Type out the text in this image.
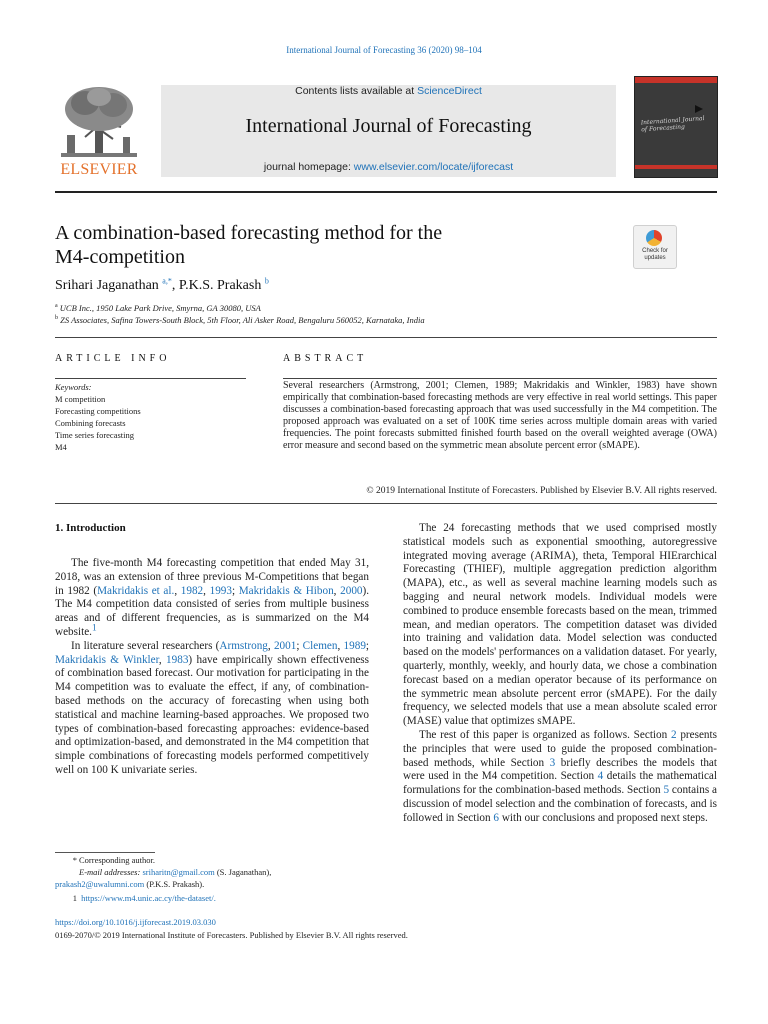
International Journal of Forecasting 36 (2020) 98–104
ELSEVIER
Contents lists available at ScienceDirect
International Journal of Forecasting
journal homepage: www.elsevier.com/locate/ijforecast
International Journal of Forecasting
A combination-based forecasting method for the
M4-competition	Check for
updates
Srihari Jaganathan $^{a,*}$, P.K.S. Prakash $^b$
$^a$ UCB Inc., 1950 Lake Park Drive, Smyrna, GA 30080, USA
$^b$ ZS Associates, Safina Towers-South Block, 5th Floor, Ali Asker Road, Bengaluru 560052, Karnataka, India
ARTICLE INFO
Keywords:
M competition
Forecasting competitions
Combining forecasts
Time series forecasting
M4
ABSTRACT
Several researchers (Armstrong, 2001; Clemen, 1989; Makridakis and Winkler, 1983) have shown empirically that combination-based forecasting methods are very effective in real world settings. This paper discusses a combination-based forecasting approach that was used successfully in the M4 competition. The proposed approach was evaluated on a set of 100K time series across multiple domain areas with varied frequencies. The point forecasts submitted finished fourth based on the overall weighted average (OWA) error measure and second based on the symmetric mean absolute percent error (sMAPE).
© 2019 International Institute of Forecasters. Published by Elsevier B.V. All rights reserved.
1. Introduction

The five-month M4 forecasting competition that ended May 31, 2018, was an extension of three previous M-Competitions that began in 1982 (Makridakis et al., 1982, 1993; Makridakis & Hibon, 2000). The M4 competition data consisted of series from multiple business areas and of different frequencies, as is summarized on the M4 website.$^1$

In literature several researchers (Armstrong, 2001; Clemen, 1989; Makridakis & Winkler, 1983) have empirically shown effectiveness of combination based forecast. Our motivation for participating in the M4 competition was to evaluate the effect, if any, of combination-based methods on the accuracy of forecasting when using both statistical and machine learning-based approaches. We proposed two types of combination-based forecasting approaches: evidence-based and optimization-based, and demonstrated in the M4 competition that simple combinations of forecasting models performed competitively well on 100 K univariate series.

The 24 forecasting methods that we used comprised mostly statistical models such as exponential smoothing, autoregressive integrated moving average (ARIMA), theta, Temporal HIErarchical Forecasting (THIEF), multiple aggregation prediction algorithm (MAPA), etc., as well as several machine learning models such as bagging and neural network models. Individual models were combined to produce ensemble forecasts based on the mean, trimmed mean, and median operators. The competition dataset was divided into training and validation data. Model selection was conducted based on the models' performances on a validation dataset. For yearly, quarterly, monthly, weekly, and hourly data, we chose a combination forecast based on a median operator because of its performance on the symmetric mean absolute percent error (sMAPE). For the daily frequency, we selected models that use a mean absolute scaled error (MASE) value that optimizes sMAPE.

The rest of this paper is organized as follows. Section 2 presents the principles that were used to guide the proposed combination-based methods, while Section 3 briefly describes the models that were used in the M4 competition. Section 4 details the mathematical formulations for the combination-based methods. Section 5 contains a discussion of model selection and the combination of forecasts, and is followed in Section 6 with our conclusions and proposed next steps.

* Corresponding author.
E-mail addresses: sriharitn@gmail.com (S. Jaganathan),
prakash2@uwalumni.com (P.K.S. Prakash).
1 https://www.m4.unic.ac.cy/the-dataset/.
https://doi.org/10.1016/j.ijforecast.2019.03.030
0169-2070/© 2019 International Institute of Forecasters. Published by Elsevier B.V. All rights reserved.
